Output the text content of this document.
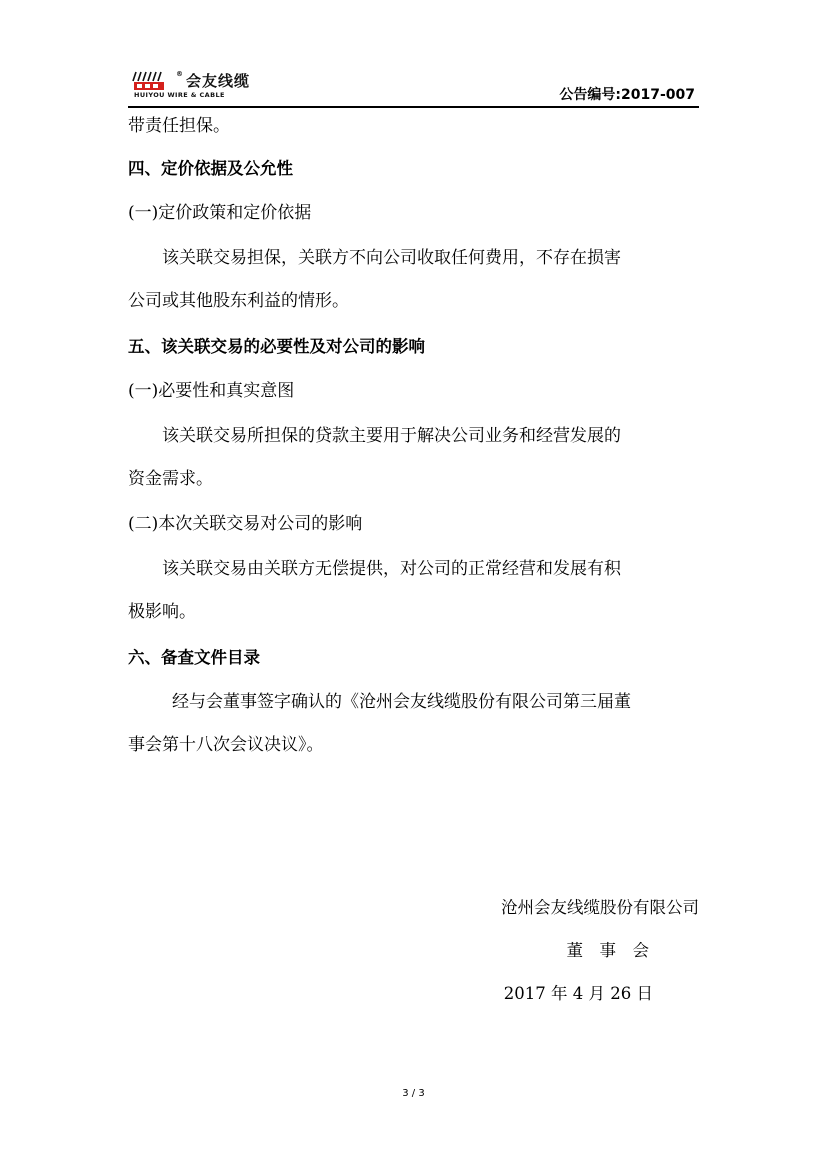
® 会友线缆
HUIYOU WIRE & CABLE	公告编号:2017-007
带责任担保。
四、定价依据及公允性
(一)定价政策和定价依据
该关联交易担保，关联方不向公司收取任何费用，不存在损害
公司或其他股东利益的情形。
五、该关联交易的必要性及对公司的影响
(一)必要性和真实意图
该关联交易所担保的贷款主要用于解决公司业务和经营发展的
资金需求。
(二)本次关联交易对公司的影响
该关联交易由关联方无偿提供，对公司的正常经营和发展有积
极影响。
六、备查文件目录
经与会董事签字确认的《沧州会友线缆股份有限公司第三届董
事会第十八次会议决议》。
沧州会友线缆股份有限公司
董　事　会
2017 年 4 月 26 日
3 / 3
